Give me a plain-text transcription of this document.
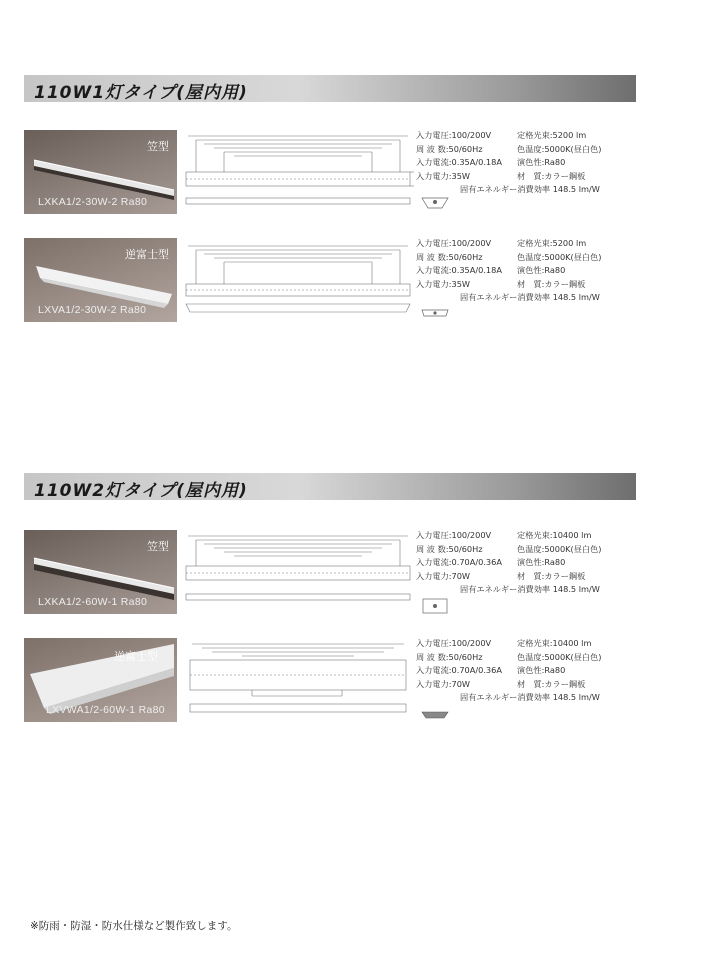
110W1灯タイプ(屋内用)
笠型
LXKA1/2-30W-2 Ra80
入力電圧:100/200V	定格光束:5200 lm
周 波 数:50/60Hz	色温度:5000K(昼白色)
入力電流:0.35A/0.18A 演色性:Ra80
入力電力:35W	材　質:カラー鋼板
固有エネルギー消費効率 148.5 lm/W
逆富士型
LXVA1/2-30W-2 Ra80
入力電圧:100/200V	定格光束:5200 lm
周 波 数:50/60Hz	色温度:5000K(昼白色)
入力電流:0.35A/0.18A 演色性:Ra80
入力電力:35W	材　質:カラー鋼板
固有エネルギー消費効率 148.5 lm/W
110W2灯タイプ(屋内用)
笠型
LXKA1/2-60W-1 Ra80
入力電圧:100/200V	定格光束:10400 lm
周 波 数:50/60Hz	色温度:5000K(昼白色)
入力電流:0.70A/0.36A 演色性:Ra80
入力電力:70W	材　質:カラー鋼板
固有エネルギー消費効率 148.5 lm/W
逆富士型
LXVWA1/2-60W-1 Ra80
入力電圧:100/200V	定格光束:10400 lm
周 波 数:50/60Hz	色温度:5000K(昼白色)
入力電流:0.70A/0.36A 演色性:Ra80
入力電力:70W	材　質:カラー鋼板
固有エネルギー消費効率 148.5 lm/W
※防雨・防湿・防水仕様など製作致します。
